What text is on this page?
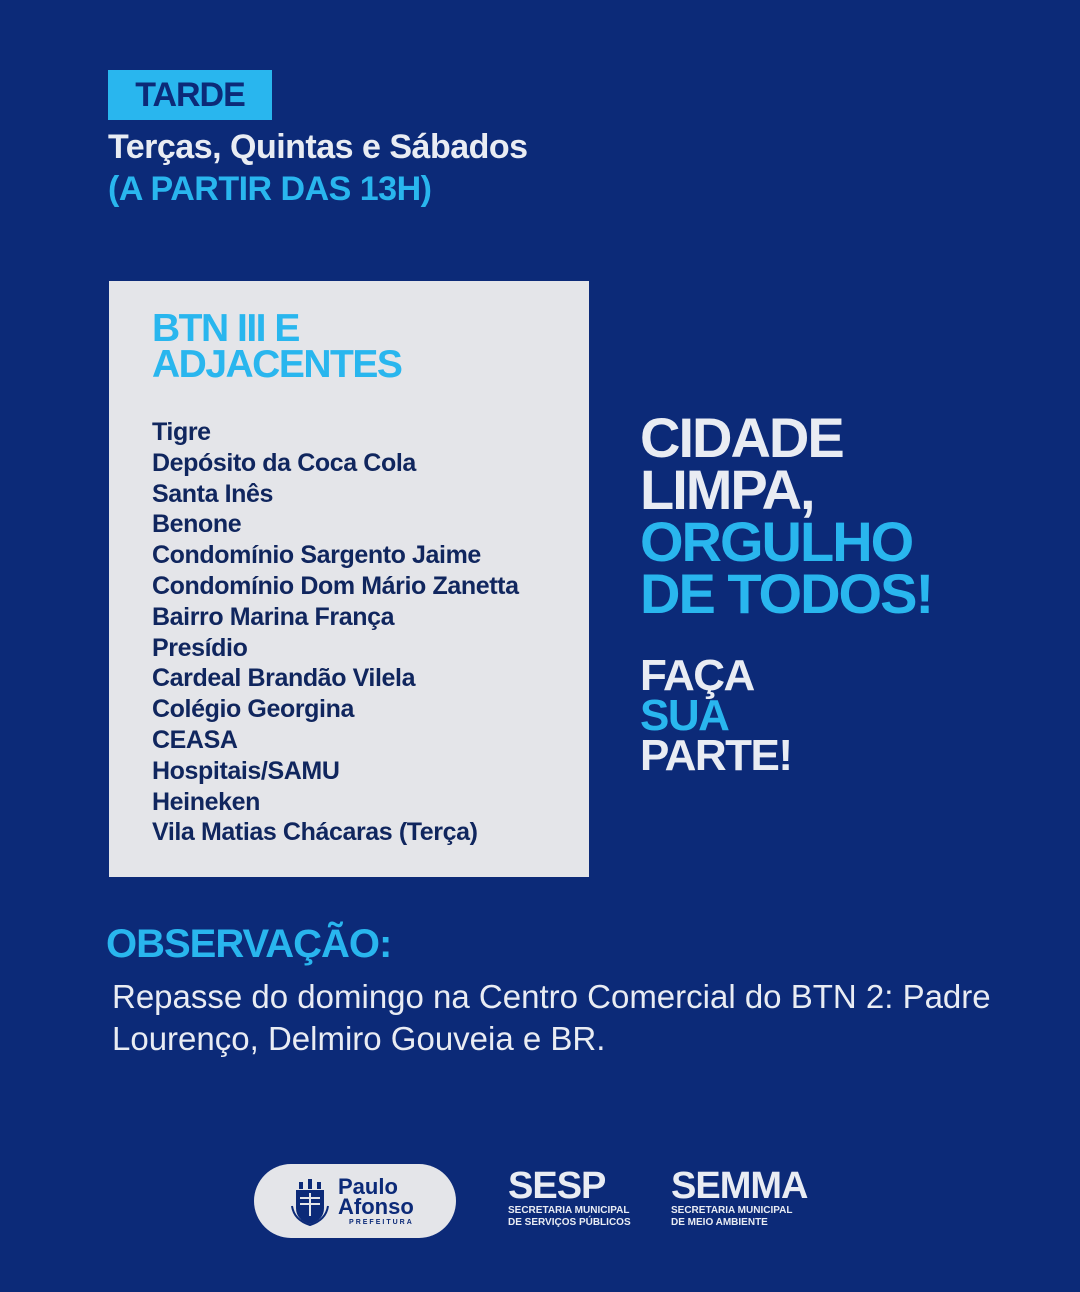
TARDE
Terças, Quintas e Sábados
(A PARTIR DAS 13H)
BTN III E
ADJACENTES
Tigre
Depósito da Coca Cola
Santa Inês
Benone
Condomínio Sargento Jaime
Condomínio Dom Mário Zanetta
Bairro Marina França
Presídio
Cardeal Brandão Vilela
Colégio Georgina
CEASA
Hospitais/SAMU
Heineken
Vila Matias Chácaras (Terça)
CIDADE
LIMPA,
ORGULHO
DE TODOS!
FAÇA
SUA
PARTE!
OBSERVAÇÃO:
Repasse do domingo na Centro Comercial do BTN 2: Padre Lourenço, Delmiro Gouveia e BR.
Paulo
Afonso
PREFEITURA
SESP
SECRETARIA MUNICIPAL
DE SERVIÇOS PÚBLICOS
SEMMA
SECRETARIA MUNICIPAL
DE MEIO AMBIENTE
